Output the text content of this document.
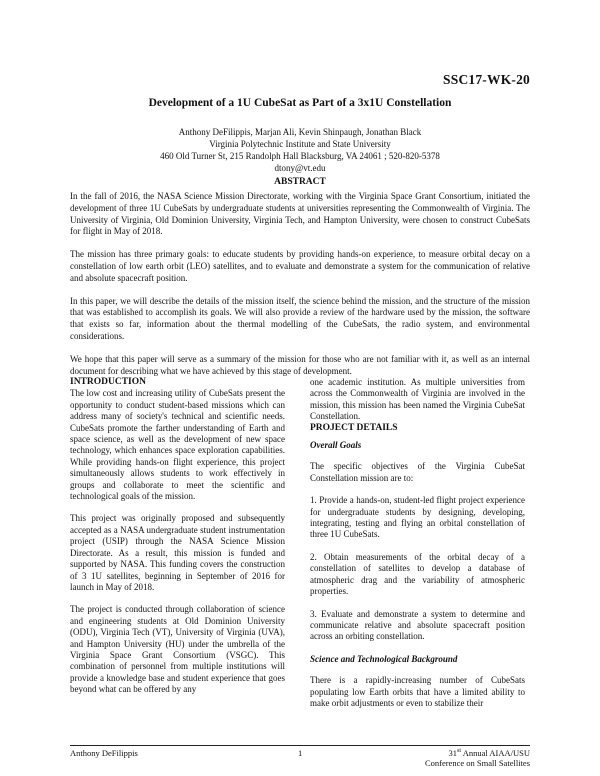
SSC17-WK-20
Development of a 1U CubeSat as Part of a 3x1U Constellation
Anthony DeFilippis, Marjan Ali, Kevin Shinpaugh, Jonathan Black
Virginia Polytechnic Institute and State University
460 Old Turner St, 215 Randolph Hall Blacksburg, VA 24061 ; 520-820-5378
dtony@vt.edu
ABSTRACT

In the fall of 2016, the NASA Science Mission Directorate, working with the Virginia Space Grant Consortium, initiated the development of three 1U CubeSats by undergraduate students at universities representing the Commonwealth of Virginia. The University of Virginia, Old Dominion University, Virginia Tech, and Hampton University, were chosen to construct CubeSats for flight in May of 2018.

The mission has three primary goals: to educate students by providing hands-on experience, to measure orbital decay on a constellation of low earth orbit (LEO) satellites, and to evaluate and demonstrate a system for the communication of relative and absolute spacecraft position.

In this paper, we will describe the details of the mission itself, the science behind the mission, and the structure of the mission that was established to accomplish its goals. We will also provide a review of the hardware used by the mission, the software that exists so far, information about the thermal modelling of the CubeSats, the radio system, and environmental considerations.

We hope that this paper will serve as a summary of the mission for those who are not familiar with it, as well as an internal document for describing what we have achieved by this stage of development.

INTRODUCTION

The low cost and increasing utility of CubeSats present the opportunity to conduct student-based missions which can address many of society's technical and scientific needs. CubeSats promote the farther understanding of Earth and space science, as well as the development of new space technology, which enhances space exploration capabilities. While providing hands-on flight experience, this project simultaneously allows students to work effectively in groups and collaborate to meet the scientific and technological goals of the mission.

This project was originally proposed and subsequently accepted as a NASA undergraduate student instrumentation project (USIP) through the NASA Science Mission Directorate. As a result, this mission is funded and supported by NASA. This funding covers the construction of 3 1U satellites, beginning in September of 2016 for launch in May of 2018.

The project is conducted through collaboration of science and engineering students at Old Dominion University (ODU), Virginia Tech (VT), University of Virginia (UVA), and Hampton University (HU) under the umbrella of the Virginia Space Grant Consortium (VSGC). This combination of personnel from multiple institutions will provide a knowledge base and student experience that goes beyond what can be offered by any

one academic institution. As multiple universities from across the Commonwealth of Virginia are involved in the mission, this mission has been named the Virginia CubeSat Constellation.

PROJECT DETAILS
Overall Goals

The specific objectives of the Virginia CubeSat Constellation mission are to:

1. Provide a hands-on, student-led flight project experience for undergraduate students by designing, developing, integrating, testing and flying an orbital constellation of three 1U CubeSats.

2. Obtain measurements of the orbital decay of a constellation of satellites to develop a database of atmospheric drag and the variability of atmospheric properties.

3. Evaluate and demonstrate a system to determine and communicate relative and absolute spacecraft position across an orbiting constellation.

Science and Technological Background

There is a rapidly-increasing number of CubeSats populating low Earth orbits that have a limited ability to make orbit adjustments or even to stabilize their

Anthony DeFilippis	1	31st Annual AIAA/USU
Conference on Small Satellites
